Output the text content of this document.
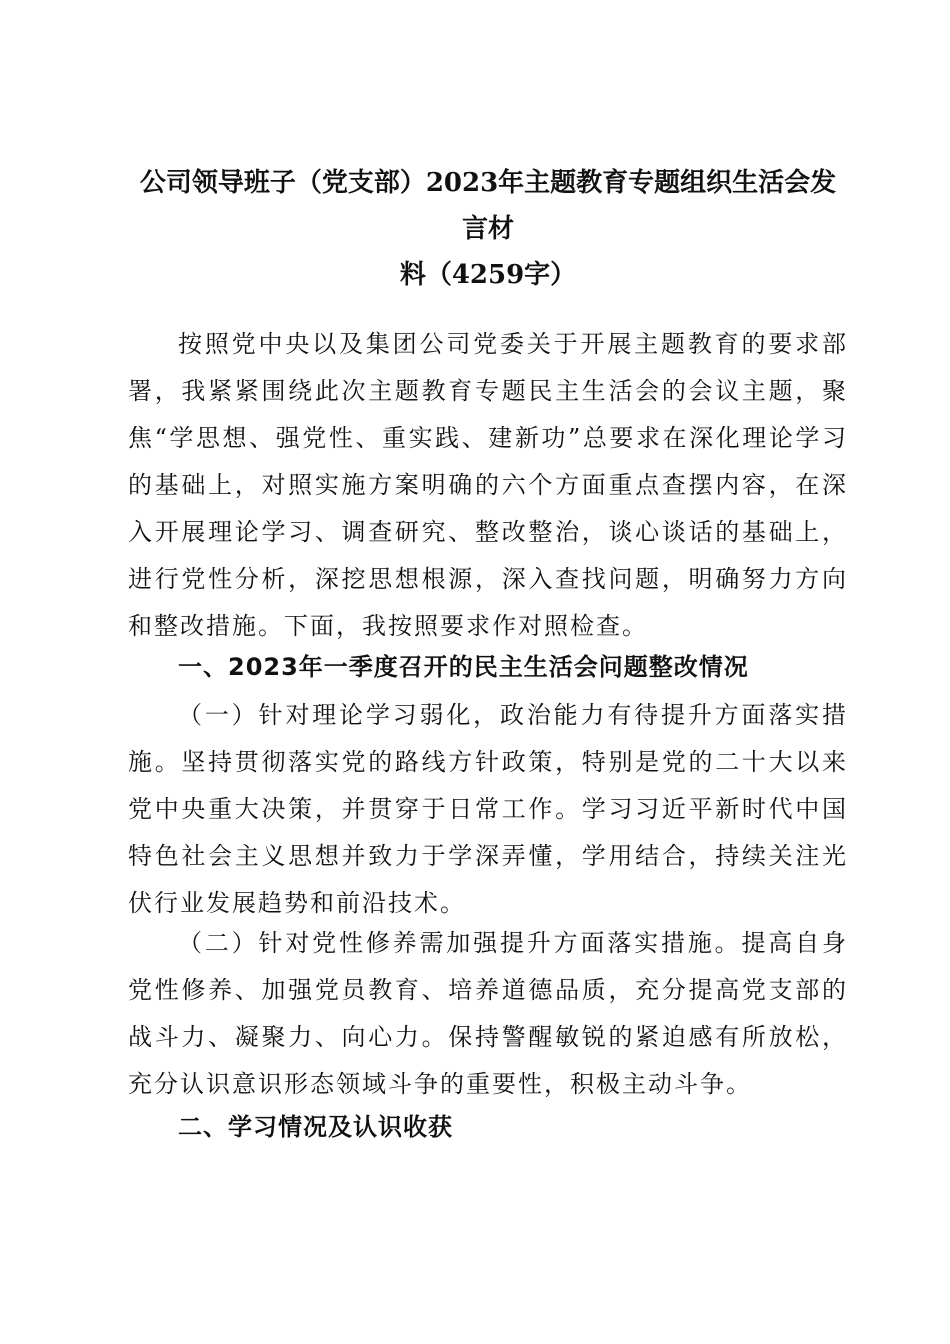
公司领导班子（党支部）2023年主题教育专题组织生活会发言材
料（4259字）

按照党中央以及集团公司党委关于开展主题教育的要求部署，我紧紧围绕此次主题教育专题民主生活会的会议主题，聚焦“学思想、强党性、重实践、建新功”总要求在深化理论学习的基础上，对照实施方案明确的六个方面重点查摆内容，在深入开展理论学习、调查研究、整改整治，谈心谈话的基础上，进行党性分析，深挖思想根源，深入查找问题，明确努力方向和整改措施。下面，我按照要求作对照检查。

一、2023年一季度召开的民主生活会问题整改情况

（一）针对理论学习弱化，政治能力有待提升方面落实措施。坚持贯彻落实党的路线方针政策，特别是党的二十大以来党中央重大决策，并贯穿于日常工作。学习习近平新时代中国特色社会主义思想并致力于学深弄懂，学用结合，持续关注光伏行业发展趋势和前沿技术。

（二）针对党性修养需加强提升方面落实措施。提高自身党性修养、加强党员教育、培养道德品质，充分提高党支部的战斗力、凝聚力、向心力。保持警醒敏锐的紧迫感有所放松，充分认识意识形态领域斗争的重要性，积极主动斗争。

二、学习情况及认识收获
